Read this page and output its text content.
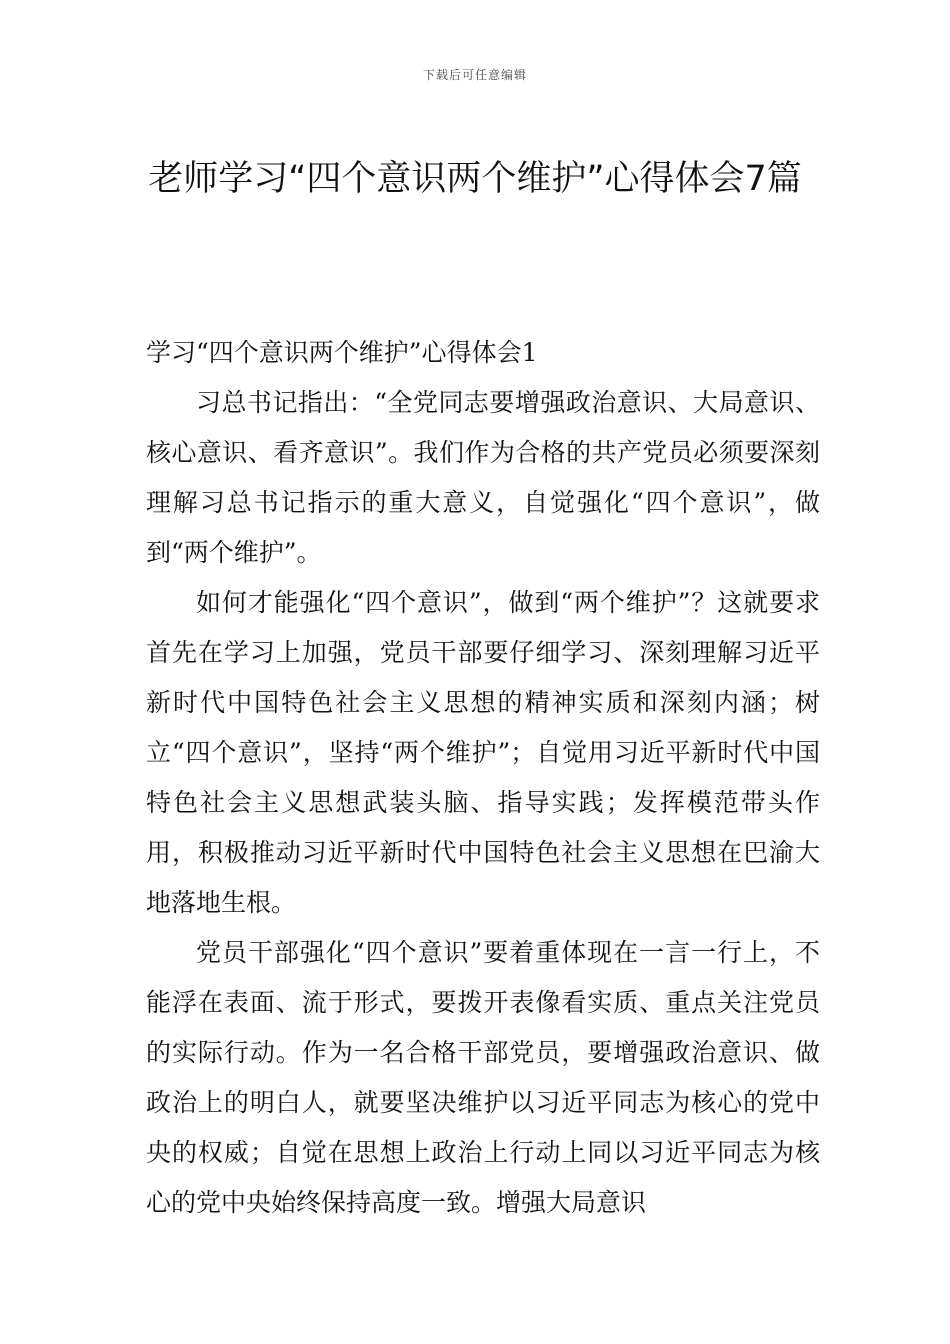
下载后可任意编辑
老师学习“四个意识两个维护”心得体会7篇

学习“四个意识两个维护”心得体会1

习总书记指出：“全党同志要增强政治意识、大局意识、核心意识、看齐意识”。我们作为合格的共产党员必须要深刻理解习总书记指示的重大意义，自觉强化“四个意识”，做到“两个维护”。

如何才能强化“四个意识”，做到“两个维护”？这就要求首先在学习上加强，党员干部要仔细学习、深刻理解习近平新时代中国特色社会主义思想的精神实质和深刻内涵；树立“四个意识”，坚持“两个维护”；自觉用习近平新时代中国特色社会主义思想武装头脑、指导实践；发挥模范带头作用，积极推动习近平新时代中国特色社会主义思想在巴渝大地落地生根。

党员干部强化“四个意识”要着重体现在一言一行上，不能浮在表面、流于形式，要拨开表像看实质、重点关注党员的实际行动。作为一名合格干部党员，要增强政治意识、做政治上的明白人，就要坚决维护以习近平同志为核心的党中央的权威；自觉在思想上政治上行动上同以习近平同志为核心的党中央始终保持高度一致。增强大局意识
